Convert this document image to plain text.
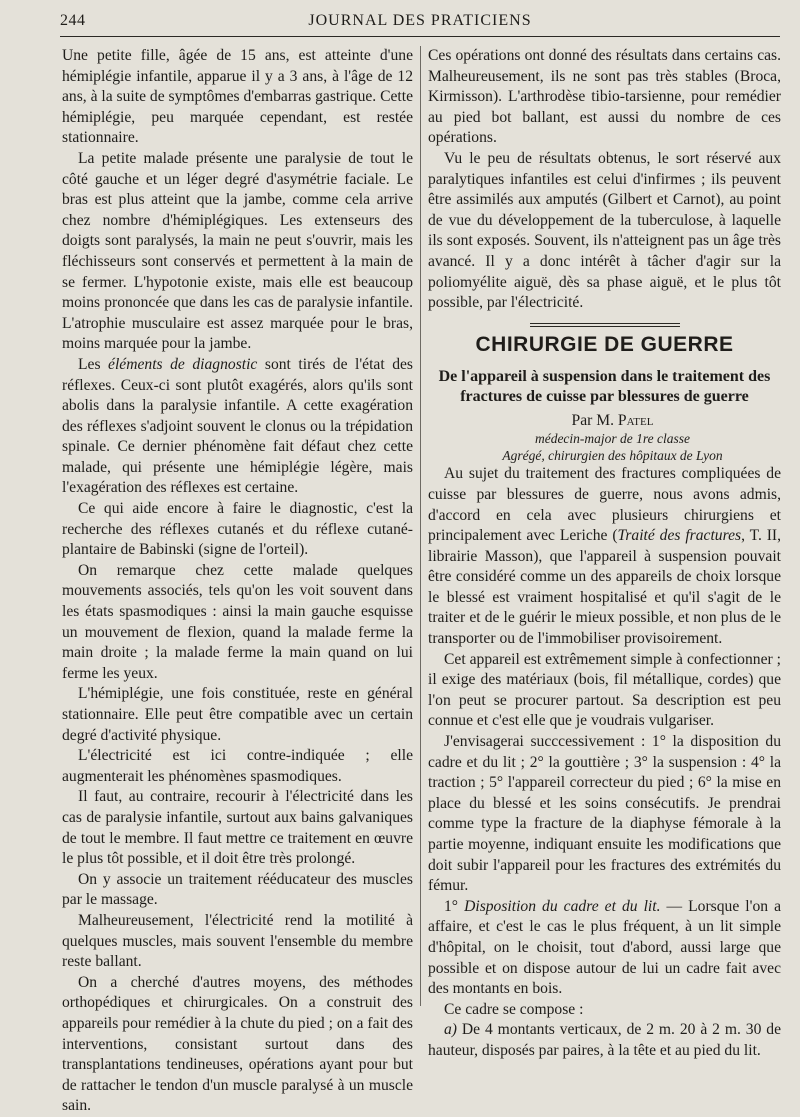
244	JOURNAL DES PRATICIENS

Une petite fille, âgée de 15 ans, est atteinte d'une hémiplégie infantile, apparue il y a 3 ans, à l'âge de 12 ans, à la suite de symptômes d'embarras gastrique. Cette hémiplégie, peu marquée cependant, est restée stationnaire.

La petite malade présente une paralysie de tout le côté gauche et un léger degré d'asymétrie faciale. Le bras est plus atteint que la jambe, comme cela arrive chez nombre d'hémiplégiques. Les extenseurs des doigts sont paralysés, la main ne peut s'ouvrir, mais les fléchisseurs sont conservés et permettent à la main de se fermer. L'hypotonie existe, mais elle est beaucoup moins prononcée que dans les cas de paralysie infantile. L'atrophie musculaire est assez marquée pour le bras, moins marquée pour la jambe.

Les éléments de diagnostic sont tirés de l'état des réflexes. Ceux-ci sont plutôt exagérés, alors qu'ils sont abolis dans la paralysie infantile. A cette exagération des réflexes s'adjoint souvent le clonus ou la trépidation spinale. Ce dernier phénomène fait défaut chez cette malade, qui présente une hémiplégie légère, mais l'exagération des réflexes est certaine.

Ce qui aide encore à faire le diagnostic, c'est la recherche des réflexes cutanés et du réflexe cutané-plantaire de Babinski (signe de l'orteil).

On remarque chez cette malade quelques mouvements associés, tels qu'on les voit souvent dans les états spasmodiques : ainsi la main gauche esquisse un mouvement de flexion, quand la malade ferme la main droite ; la malade ferme la main quand on lui ferme les yeux.

L'hémiplégie, une fois constituée, reste en général stationnaire. Elle peut être compatible avec un certain degré d'activité physique.

L'électricité est ici contre-indiquée ; elle augmenterait les phénomènes spasmodiques.

Il faut, au contraire, recourir à l'électricité dans les cas de paralysie infantile, surtout aux bains galvaniques de tout le membre. Il faut mettre ce traitement en œuvre le plus tôt possible, et il doit être très prolongé.

On y associe un traitement rééducateur des muscles par le massage.

Malheureusement, l'électricité rend la motilité à quelques muscles, mais souvent l'ensemble du membre reste ballant.

On a cherché d'autres moyens, des méthodes orthopédiques et chirurgicales. On a construit des appareils pour remédier à la chute du pied ; on a fait des interventions, consistant surtout dans des transplantations tendineuses, opérations ayant pour but de rattacher le tendon d'un muscle paralysé à un muscle sain.

Ces opérations ont donné des résultats dans certains cas. Malheureusement, ils ne sont pas très stables (Broca, Kirmisson). L'arthrodèse tibio-tarsienne, pour remédier au pied bot ballant, est aussi du nombre de ces opérations.

Vu le peu de résultats obtenus, le sort réservé aux paralytiques infantiles est celui d'infirmes ; ils peuvent être assimilés aux amputés (Gilbert et Carnot), au point de vue du développement de la tuberculose, à laquelle ils sont exposés. Souvent, ils n'atteignent pas un âge très avancé. Il y a donc intérêt à tâcher d'agir sur la poliomyélite aiguë, dès sa phase aiguë, et le plus tôt possible, par l'électricité.

CHIRURGIE DE GUERRE
De l'appareil à suspension dans le traitement des fractures de cuisse par blessures de guerre

Par M. Patel

médecin-major de 1re classe

Agrégé, chirurgien des hôpitaux de Lyon

Au sujet du traitement des fractures compliquées de cuisse par blessures de guerre, nous avons admis, d'accord en cela avec plusieurs chirurgiens et principalement avec Leriche (Traité des fractures, T. II, librairie Masson), que l'appareil à suspension pouvait être considéré comme un des appareils de choix lorsque le blessé est vraiment hospitalisé et qu'il s'agit de le traiter et de le guérir le mieux possible, et non plus de le transporter ou de l'immobiliser provisoirement.

Cet appareil est extrêmement simple à confectionner ; il exige des matériaux (bois, fil métallique, cordes) que l'on peut se procurer partout. Sa description est peu connue et c'est elle que je voudrais vulgariser.

J'envisagerai succcessivement : 1° la disposition du cadre et du lit ; 2° la gouttière ; 3° la suspension : 4° la traction ; 5° l'appareil correcteur du pied ; 6° la mise en place du blessé et les soins consécutifs. Je prendrai comme type la fracture de la diaphyse fémorale à la partie moyenne, indiquant ensuite les modifications que doit subir l'appareil pour les fractures des extrémités du fémur.

1° Disposition du cadre et du lit. — Lorsque l'on a affaire, et c'est le cas le plus fréquent, à un lit simple d'hôpital, on le choisit, tout d'abord, aussi large que possible et on dispose autour de lui un cadre fait avec des montants en bois.

Ce cadre se compose :

a) De 4 montants verticaux, de 2 m. 20 à 2 m. 30 de hauteur, disposés par paires, à la tête et au pied du lit.
